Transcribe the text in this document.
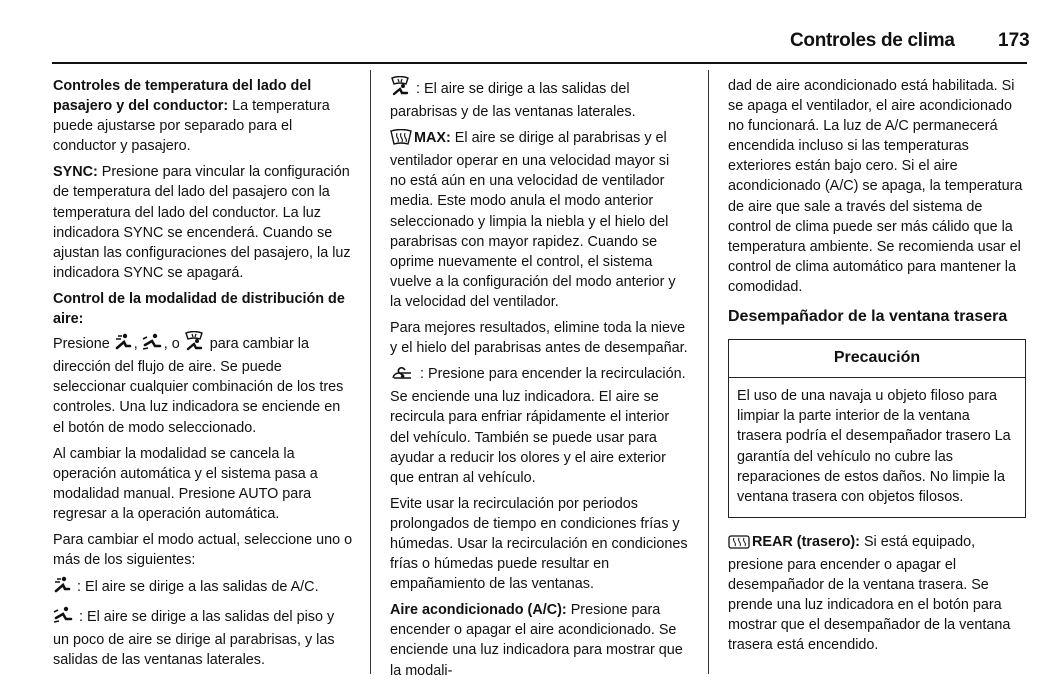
Controles de clima 173

Controles de temperatura del lado del pasajero y del conductor: La temperatura puede ajustarse por separado para el conductor y pasajero.

SYNC: Presione para vincular la configuración de temperatura del lado del pasajero con la temperatura del lado del conductor. La luz indicadora SYNC se encenderá. Cuando se ajustan las configuraciones del pasajero, la luz indicadora SYNC se apagará.

Control de la modalidad de distribución de aire:

Presione , , o  para cambiar la dirección del flujo de aire. Se puede seleccionar cualquier combinación de los tres controles. Una luz indicadora se enciende en el botón de modo seleccionado.

Al cambiar la modalidad se cancela la operación automática y el sistema pasa a modalidad manual. Presione AUTO para regresar a la operación automática.

Para cambiar el modo actual, seleccione uno o más de los siguientes:

: El aire se dirige a las salidas de A/C.

: El aire se dirige a las salidas del piso y un poco de aire se dirige al parabrisas, y las salidas de las ventanas laterales.

: El aire se dirige a las salidas del parabrisas y de las ventanas laterales.

MAX: El aire se dirige al parabrisas y el ventilador operar en una velocidad mayor si no está aún en una velocidad de ventilador media. Este modo anula el modo anterior seleccionado y limpia la niebla y el hielo del parabrisas con mayor rapidez. Cuando se oprime nuevamente el control, el sistema vuelve a la configuración del modo anterior y la velocidad del ventilador.

Para mejores resultados, elimine toda la nieve y el hielo del parabrisas antes de desempañar.

: Presione para encender la recirculación. Se enciende una luz indicadora. El aire se recircula para enfriar rápidamente el interior del vehículo. También se puede usar para ayudar a reducir los olores y el aire exterior que entran al vehículo.

Evite usar la recirculación por periodos prolongados de tiempo en condiciones frías y húmedas. Usar la recirculación en condiciones frías o húmedas puede resultar en empañamiento de las ventanas.

Aire acondicionado (A/C): Presione para encender o apagar el aire acondicionado. Se enciende una luz indicadora para mostrar que la modali-

dad de aire acondicionado está habilitada. Si se apaga el ventilador, el aire acondicionado no funcionará. La luz de A/C permanecerá encendida incluso si las temperaturas exteriores están bajo cero. Si el aire acondicionado (A/C) se apaga, la temperatura de aire que sale a través del sistema de control de clima puede ser más cálido que la temperatura ambiente. Se recomienda usar el control de clima automático para mantener la comodidad.

Desempañador de la ventana trasera
Precaución
El uso de una navaja u objeto filoso para limpiar la parte interior de la ventana trasera podría el desempañador trasero La garantía del vehículo no cubre las reparaciones de estos daños. No limpie la ventana trasera con objetos filosos.

REAR (trasero): Si está equipado, presione para encender o apagar el desempañador de la ventana trasera. Se prende una luz indicadora en el botón para mostrar que el desempañador de la ventana trasera está encendido.
